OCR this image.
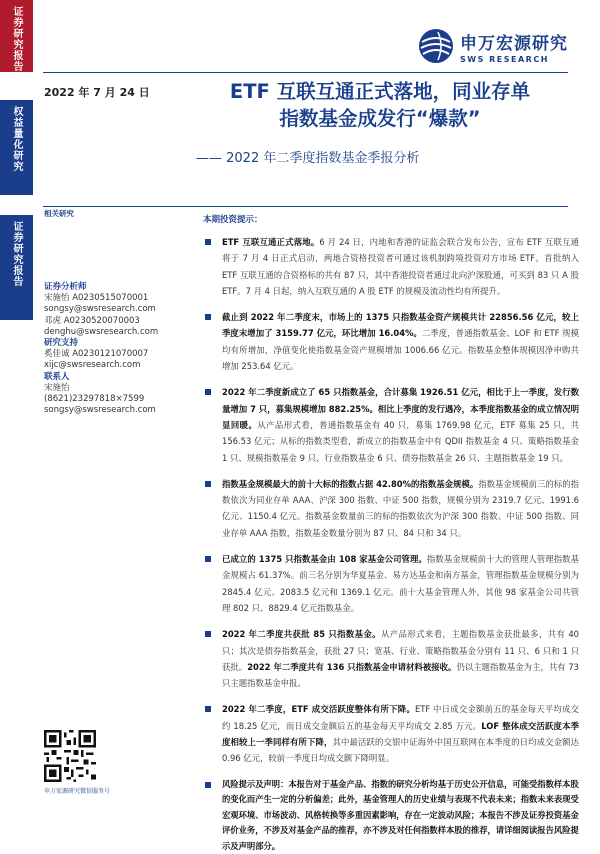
证券研究报告
权益量化研究
证券研究报告
申万宏源研究
SWS RESEARCH
2022 年 7 月 24 日	ETF 互联互通正式落地，同业存单
指数基金成发行“爆款”
—— 2022 年二季度指数基金季报分析
相关研究
证券分析师
宋施怡 A0230515070001
songsy@swsresearch.com
邓虎 A0230520070003
denghu@swsresearch.com
研究支持
奚佳诚 A0230121070007
xijc@swsresearch.com
联系人
宋施怡
(8621)23297818×7599
songsy@swsresearch.com
申万宏源研究微信服务号
本期投资提示：
ETF 互联互通正式落地。6 月 24 日，内地和香港的证监会联合发布公告，宣布 ETF 互联互通将于 7 月 4 日正式启动，两地合资格投资者可通过该机制跨境投资对方市场 ETF。首批纳入 ETF 互联互通的合资格标的共有 87 只，其中香港投资者通过北向沪深股通，可买到 83 只 A 股 ETF。7 月 4 日起，纳入互联互通的 A 股 ETF 的规模及流动性均有所提升。
截止到 2022 年二季度末，市场上的 1375 只指数基金资产规模共计 22856.56 亿元，较上季度末增加了 3159.77 亿元，环比增加 16.04%。二季度，普通指数基金、LOF 和 ETF 规模均有所增加，净值变化使指数基金资产规模增加 1006.66 亿元。指数基金整体规模因净申购共增加 253.64 亿元。
2022 年二季度新成立了 65 只指数基金，合计募集 1926.51 亿元，相比于上一季度，发行数量增加 7 只，募集规模增加 882.25%。相比上季度的发行遇冷，本季度指数基金的成立情况明显回暖。从产品形式看，普通指数基金有 40 只，募集 1769.98 亿元，ETF 募集 25 只，共 156.53 亿元；从标的指数类型看，新成立的指数基金中有 QDII 指数基金 4 只、策略指数基金 1 只、规模指数基金 9 只、行业指数基金 6 只、债券指数基金 26 只、主题指数基金 19 只。
指数基金规模最大的前十大标的指数占据 42.80%的指数基金规模。指数基金规模前三的标的指数依次为同业存单 AAA、沪深 300 指数、中证 500 指数，规模分别为 2319.7 亿元、1991.6 亿元、1150.4 亿元。指数基金数量前三的标的指数依次为沪深 300 指数、中证 500 指数、同业存单 AAA 指数，指数基金数量分别为 87 只、84 只和 34 只。
已成立的 1375 只指数基金由 108 家基金公司管理。指数基金规模前十大的管理人管理指数基金规模占 61.37%。前三名分别为华夏基金、易方达基金和南方基金，管理指数基金规模分别为 2845.4 亿元、2083.5 亿元和 1369.1 亿元。前十大基金管理人外，其他 98 家基金公司共管理 802 只、8829.4 亿元指数基金。
2022 年二季度共获批 85 只指数基金。从产品形式来看，主题指数基金获批最多，共有 40 只；其次是债券指数基金，获批 27 只；宽基、行业、策略指数基金分别有 11 只、6 只和 1 只获批。2022 年二季度共有 136 只指数基金申请材料被接收。仍以主题指数基金为主，共有 73 只主题指数基金申报。
2022 年二季度，ETF 成交活跃度整体有所下降。ETF 中日成交金额前五的基金每天平均成交约 18.25 亿元，而日成交金额后五的基金每天平均成交 2.85 万元。LOF 整体成交活跃度本季度相较上一季同样有所下降，其中最活跃的交银中证海外中国互联网在本季度的日均成交金额达 0.96 亿元，较前一季度日均成交额下降明显。
风险提示及声明：本报告对于基金产品、指数的研究分析均基于历史公开信息，可能受指数样本股的变化而产生一定的分析偏差；此外，基金管理人的历史业绩与表现不代表未来；指数未来表现受宏观环境、市场波动、风格转换等多重因素影响，存在一定波动风险；本报告不涉及证券投资基金评价业务，不涉及对基金产品的推荐，亦不涉及对任何指数样本股的推荐，请详细阅读报告风险提示及声明部分。
